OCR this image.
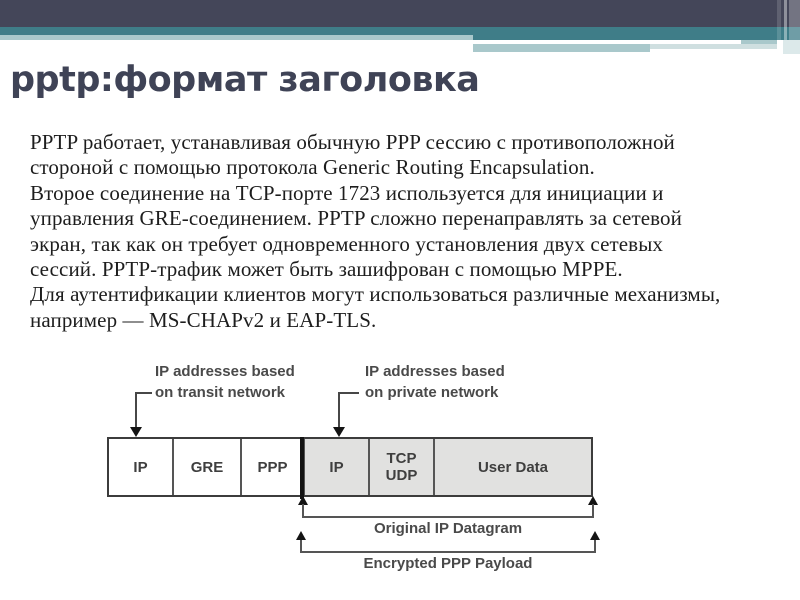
pptp:формат заголовка
PPTP работает, устанавливая обычную PPP сессию с противоположной
стороной с помощью протокола Generic Routing Encapsulation.
Второе соединение на TCP-порте 1723 используется для инициации и
управления GRE-соединением. PPTP сложно перенаправлять за сетевой
экран, так как он требует одновременного установления двух сетевых
сессий. PPTP-трафик может быть зашифрован с помощью MPPE.
Для аутентификации клиентов могут использоваться различные механизмы,
например — MS-CHAPv2 и EAP-TLS.
IP addresses based
on transit network
IP addresses based
on private network
IP	GRE	PPP	IP	TCP
UDP	User Data
Original IP Datagram
Encrypted PPP Payload
